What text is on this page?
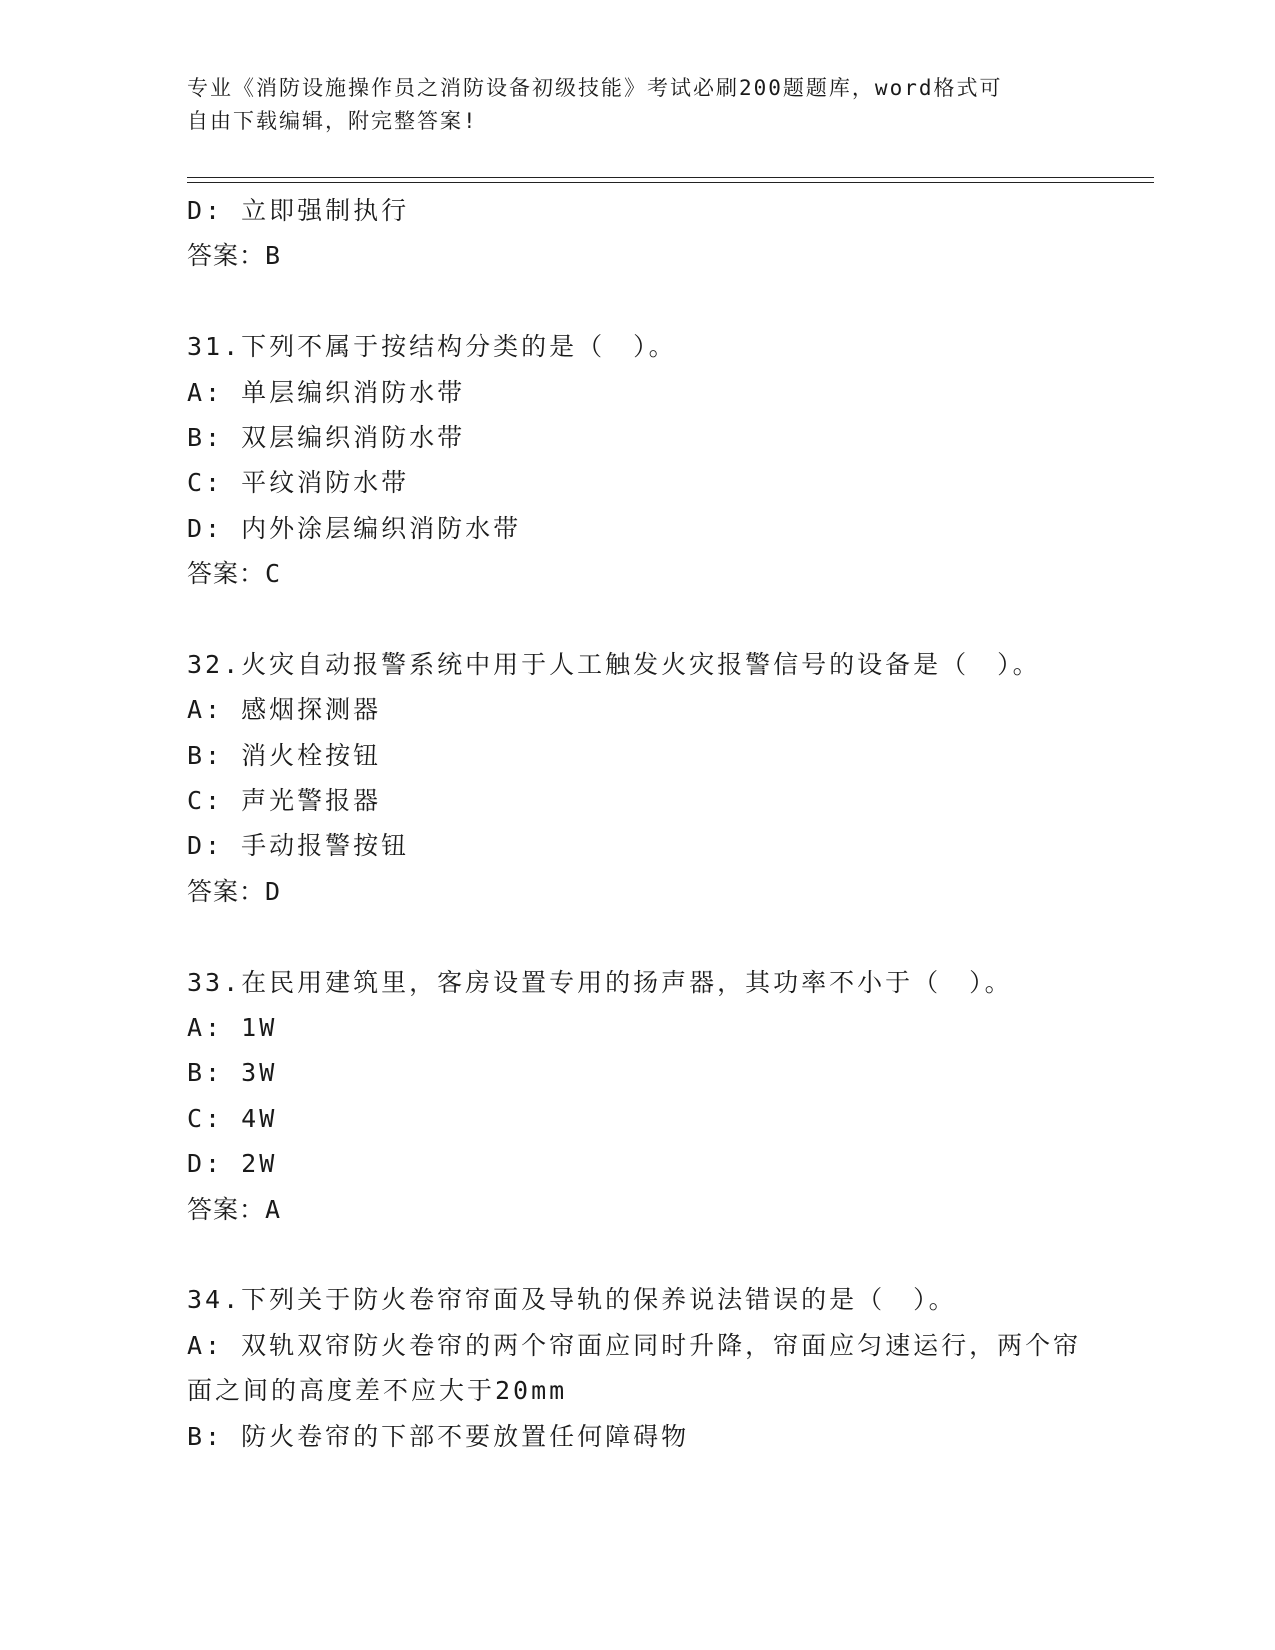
专业《消防设施操作员之消防设备初级技能》考试必刷200题题库，word格式可
自由下载编辑，附完整答案!
D: 立即强制执行
答案：B
31.下列不属于按结构分类的是（　）。
A: 单层编织消防水带
B: 双层编织消防水带
C: 平纹消防水带
D: 内外涂层编织消防水带
答案：C
32.火灾自动报警系统中用于人工触发火灾报警信号的设备是（　）。
A: 感烟探测器
B: 消火栓按钮
C: 声光警报器
D: 手动报警按钮
答案：D
33.在民用建筑里，客房设置专用的扬声器，其功率不小于（　）。
A: 1W
B: 3W
C: 4W
D: 2W
答案：A
34.下列关于防火卷帘帘面及导轨的保养说法错误的是（　）。
A: 双轨双帘防火卷帘的两个帘面应同时升降，帘面应匀速运行，两个帘面之间的高度差不应大于20mm
B: 防火卷帘的下部不要放置任何障碍物
